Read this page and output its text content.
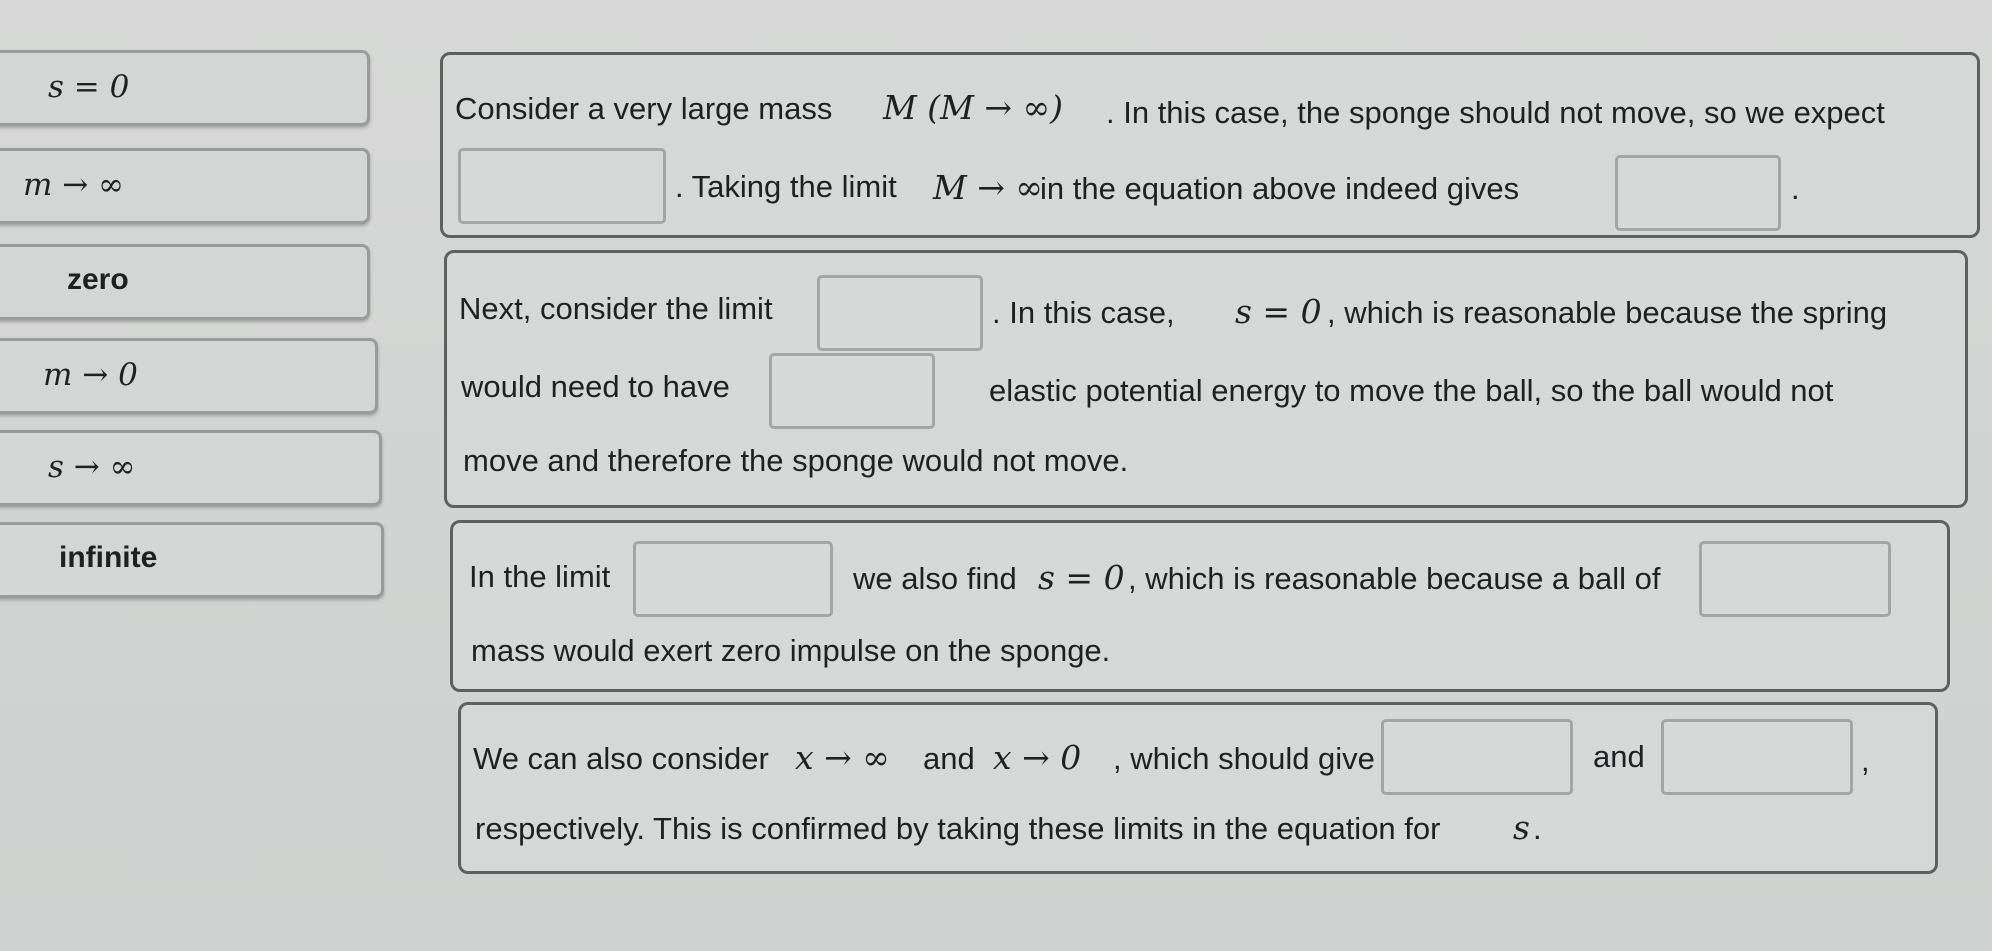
s = 0
m → ∞
zero
m → 0
s → ∞
infinite
Consider a very large mass M (M → ∞) . In this case, the sponge should not move, so we expect
. Taking the limit M → ∞
in the equation above indeed gives	.
Next, consider the limit	. In this case, s = 0 , which is reasonable because the spring
would need to have	elastic potential energy to move the ball, so the ball would not
move and therefore the sponge would not move.
In the limit	we also find s = 0 , which is reasonable because a ball of
mass would exert zero impulse on the sponge.
We can also consider x → ∞ and x → 0 , which should give	and	,
respectively. This is confirmed by taking these limits in the equation for s .
